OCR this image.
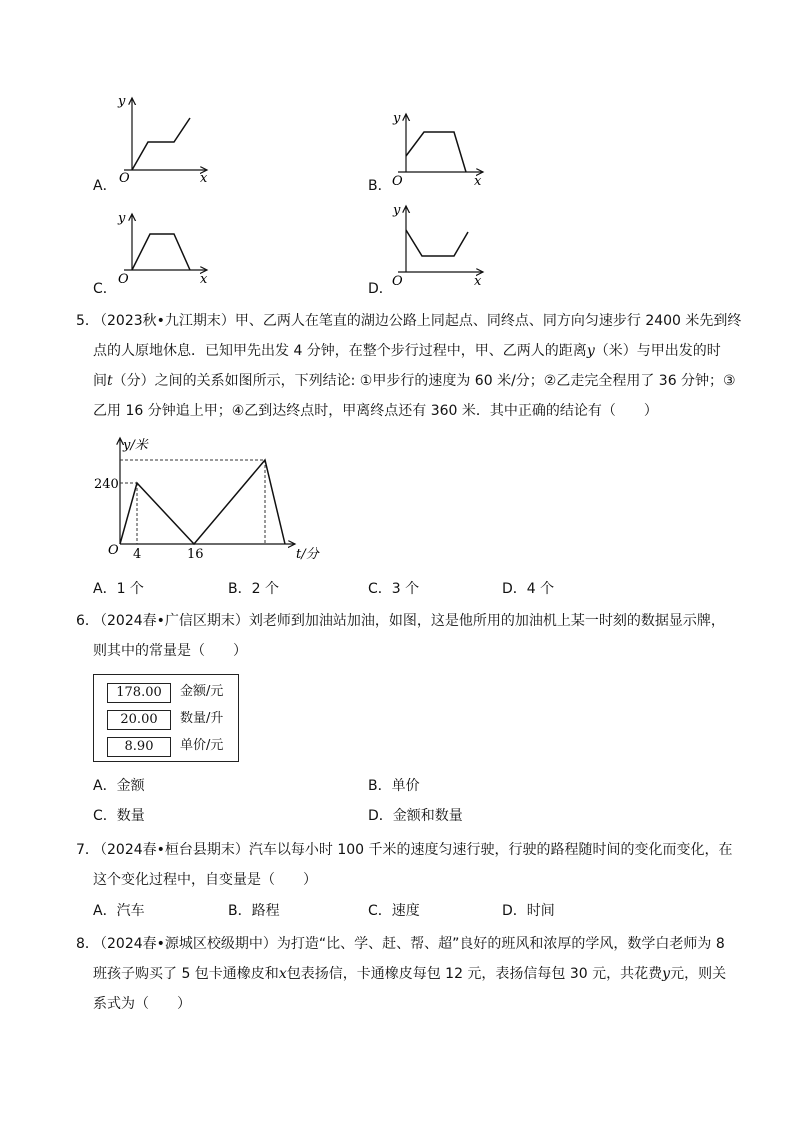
A．
y
x
O	B．
y
x
O
C．
y
x
O
D．
y
x
O
5．
（2023秋•九江期末）甲、乙两人在笔直的湖边公路上同起点、同终点、同方向匀速步行 2400 米先到终
点的人原地休息．已知甲先出发 4 分钟，在整个步行过程中，甲、乙两人的距离y（米）与甲出发的时
间t（分）之间的关系如图所示，下列结论: ①甲步行的速度为 60 米/分；②乙走完全程用了 36 分钟；③
乙用 16 分钟追上甲；④乙到达终点时，甲离终点还有 360 米．其中正确的结论有（　　）
y/米
240
4	16
O	t/分
A．1 个	B．2 个	C．3 个	D．4 个
6．
（2024春•广信区期末）刘老师到加油站加油，如图，这是他所用的加油机上某一时刻的数据显示牌，
则其中的常量是（　　）
178.00	金额/元
20.00	数量/升
8.90	单价/元
A．金额	B．单价
C．数量	D．金额和数量
7．
（2024春•桓台县期末）汽车以每小时 100 千米的速度匀速行驶，行驶的路程随时间的变化而变化，在
这个变化过程中，自变量是（　　）
A．汽车	B．路程	C．速度	D．时间
8．
（2024春•源城区校级期中）为打造“比、学、赶、帮、超”良好的班风和浓厚的学风，数学白老师为 8
班孩子购买了 5 包卡通橡皮和x包表扬信，卡通橡皮每包 12 元，表扬信每包 30 元，共花费y元，则关
系式为（　　）
